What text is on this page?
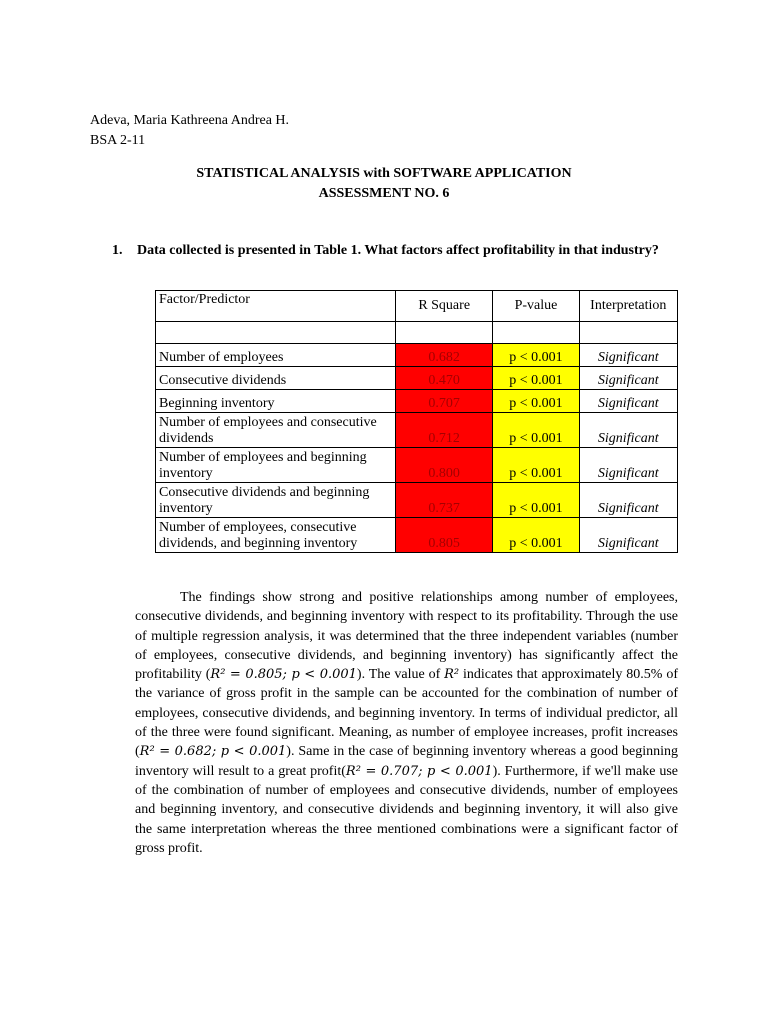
Adeva, Maria Kathreena Andrea H.
BSA 2-11
STATISTICAL ANALYSIS with SOFTWARE APPLICATION
ASSESSMENT NO. 6
1.	Data collected is presented in Table 1. What factors affect profitability in that industry?
Factor/Predictor	R Square	P-value	Interpretation

Number of employees	0.682	p < 0.001	Significant
Consecutive dividends	0.470	p < 0.001	Significant
Beginning inventory	0.707	p < 0.001	Significant
Number of employees and consecutive dividends	0.712	p < 0.001	Significant
Number of employees and beginning inventory	0.800	p < 0.001	Significant
Consecutive dividends and beginning inventory	0.737	p < 0.001	Significant
Number of employees, consecutive dividends, and beginning inventory	0.805	p < 0.001	Significant

The findings show strong and positive relationships among number of employees, consecutive dividends, and beginning inventory with respect to its profitability. Through the use of multiple regression analysis, it was determined that the three independent variables (number of employees, consecutive dividends, and beginning inventory) has significantly affect the profitability (R² = 0.805; p < 0.001). The value of R² indicates that approximately 80.5% of the variance of gross profit in the sample can be accounted for the combination of number of employees, consecutive dividends, and beginning inventory. In terms of individual predictor, all of the three were found significant. Meaning, as number of employee increases, profit increases (R² = 0.682; p < 0.001). Same in the case of beginning inventory whereas a good beginning inventory will result to a great profit(R² = 0.707; p < 0.001). Furthermore, if we'll make use of the combination of number of employees and consecutive dividends, number of employees and beginning inventory, and consecutive dividends and beginning inventory, it will also give the same interpretation whereas the three mentioned combinations were a significant factor of gross profit.
